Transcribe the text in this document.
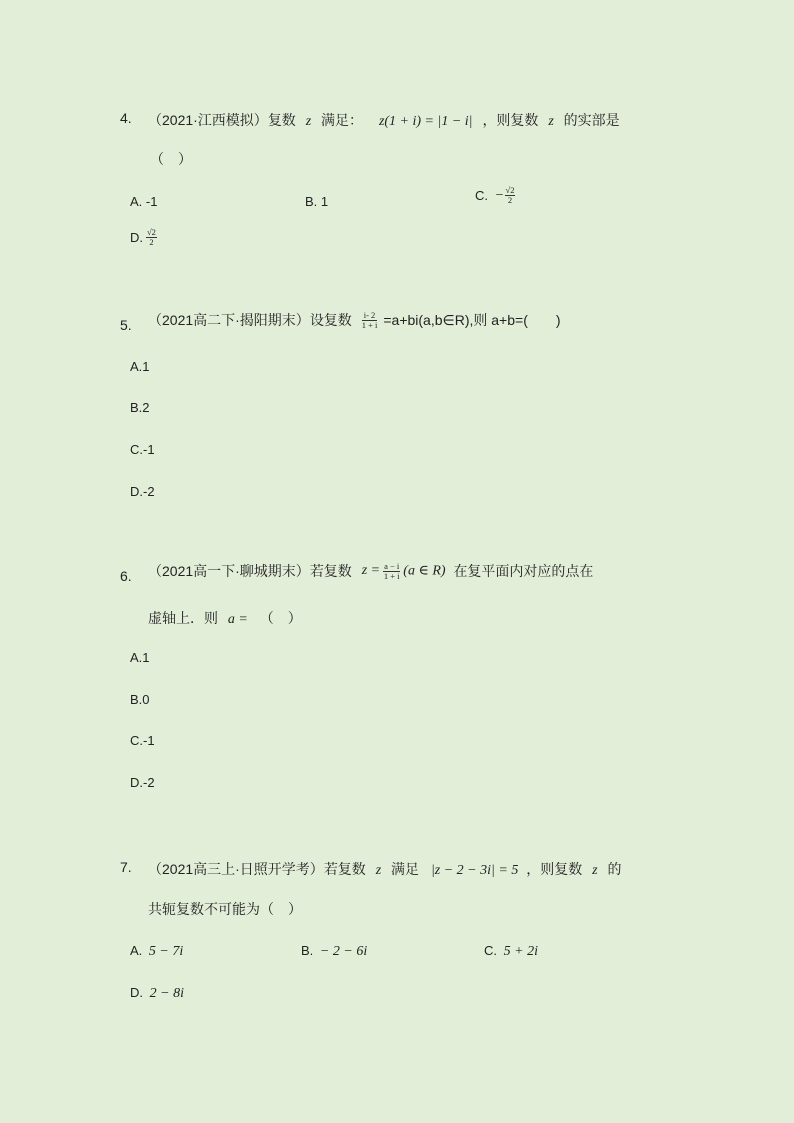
4. （2021·江西模拟）复数 z 满足： z(1 + i) = |1 − i| ，则复数 z 的实部是
（　）
A. -1	B. 1	C. − $\frac{√2}{2}$
D. $\frac{√2}{2}$
5. （2021高二下·揭阳期末）设复数 $\frac{i- 2}{1 + i}$ =a+bi(a,b∈R),则 a+b=(　　)
A.1
B.2
C.-1
D.-2
6. （2021高一下·聊城期末）若复数 $z = \frac{a - i}{1 + i} (a$ ∈ R) 在复平面内对应的点在
虚轴上．则 a = （　）
A.1
B.0
C.-1
D.-2
7. （2021高三上·日照开学考）若复数 z 满足 |z − 2 − 3i| = 5 ，则复数 z 的
共轭复数不可能为（　）
A. 5 − 7i	B. − 2 − 6i	C. 5 + 2i
D. 2 − 8i
